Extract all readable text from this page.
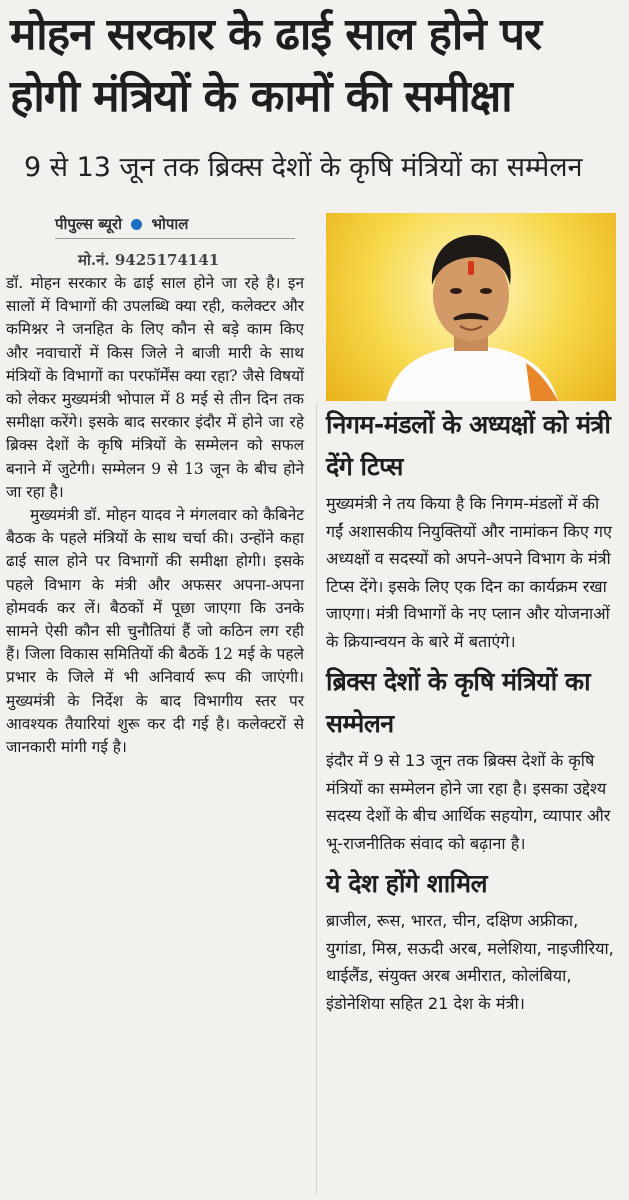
मोहन सरकार के ढाई साल होने पर
होगी मंत्रियों के कामों की समीक्षा
9 से 13 जून तक ब्रिक्स देशों के कृषि मंत्रियों का सम्मेलन
पीपुल्स ब्यूरो भोपाल
मो.नं. 9425174141

डॉ. मोहन सरकार के ढाई साल होने जा रहे है। इन सालों में विभागों की उपलब्धि क्या रही, कलेक्टर और कमिश्नर ने जनहित के लिए कौन से बड़े काम किए और नवाचारों में किस जिले ने बाजी मारी के साथ मंत्रियों के विभागों का परफॉर्मेंस क्या रहा? जैसे विषयों को लेकर मुख्यमंत्री भोपाल में 8 मई से तीन दिन तक समीक्षा करेंगे। इसके बाद सरकार इंदौर में होने जा रहे ब्रिक्स देशों के कृषि मंत्रियों के सम्मेलन को सफल बनाने में जुटेगी। सम्मेलन 9 से 13 जून के बीच होने जा रहा है।

मुख्यमंत्री डॉ. मोहन यादव ने मंगलवार को कैबिनेट बैठक के पहले मंत्रियों के साथ चर्चा की। उन्होंने कहा ढाई साल होने पर विभागों की समीक्षा होगी। इसके पहले विभाग के मंत्री और अफसर अपना-अपना होमवर्क कर लें। बैठकों में पूछा जाएगा कि उनके सामने ऐसी कौन सी चुनौतियां हैं जो कठिन लग रही हैं। जिला विकास समितियों की बैठकें 12 मई के पहले प्रभार के जिले में भी अनिवार्य रूप की जाएंगी। मुख्यमंत्री के निर्देश के बाद विभागीय स्तर पर आवश्यक तैयारियां शुरू कर दी गई है। कलेक्टरों से जानकारी मांगी गई है।

निगम-मंडलों के अध्यक्षों को मंत्री देंगे टिप्स
मुख्यमंत्री ने तय किया है कि निगम-मंडलों में की गईं अशासकीय नियुक्तियों और नामांकन किए गए अध्यक्षों व सदस्यों को अपने-अपने विभाग के मंत्री टिप्स देंगे। इसके लिए एक दिन का कार्यक्रम रखा जाएगा। मंत्री विभागों के नए प्लान और योजनाओं के क्रियान्वयन के बारे में बताएंगे।
ब्रिक्स देशों के कृषि मंत्रियों का सम्मेलन
इंदौर में 9 से 13 जून तक ब्रिक्स देशों के कृषि मंत्रियों का सम्मेलन होने जा रहा है। इसका उद्देश्य सदस्य देशों के बीच आर्थिक सहयोग, व्यापार और भू-राजनीतिक संवाद को बढ़ाना है।
ये देश होंगे शामिल
ब्राजील, रूस, भारत, चीन, दक्षिण अफ्रीका, युगांडा, मिस्र, सऊदी अरब, मलेशिया, नाइजीरिया, थाईलैंड, संयुक्त अरब अमीरात, कोलंबिया, इंडोनेशिया सहित 21 देश के मंत्री।
